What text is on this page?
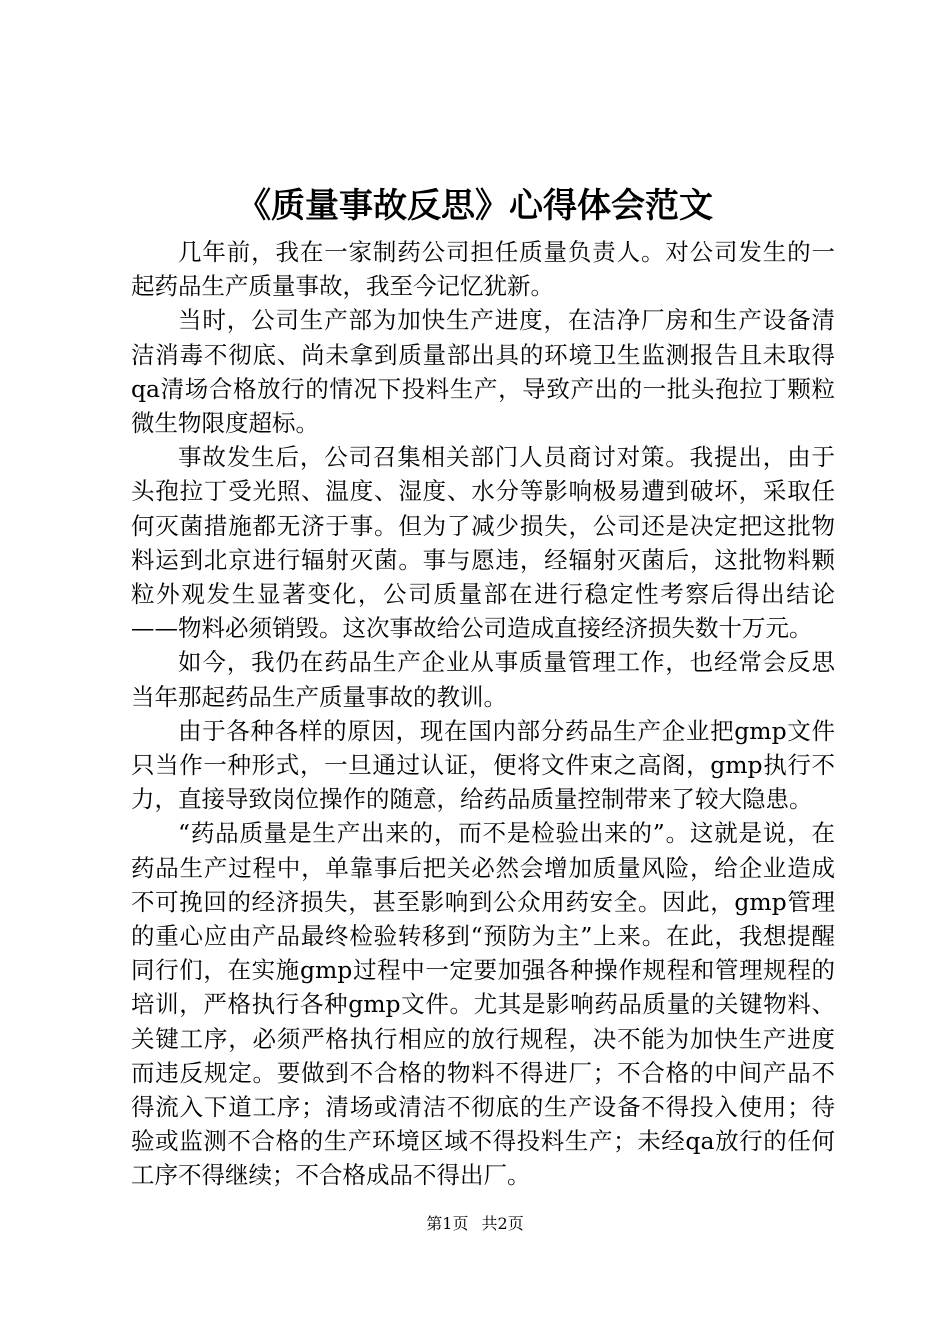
《质量事故反思》心得体会范文

几年前，我在一家制药公司担任质量负责人。对公司发生的一起药品生产质量事故，我至今记忆犹新。

当时，公司生产部为加快生产进度，在洁净厂房和生产设备清洁消毒不彻底、尚未拿到质量部出具的环境卫生监测报告且未取得qa清场合格放行的情况下投料生产，导致产出的一批头孢拉丁颗粒微生物限度超标。

事故发生后，公司召集相关部门人员商讨对策。我提出，由于头孢拉丁受光照、温度、湿度、水分等影响极易遭到破坏，采取任何灭菌措施都无济于事。但为了减少损失，公司还是决定把这批物料运到北京进行辐射灭菌。事与愿违，经辐射灭菌后，这批物料颗粒外观发生显著变化，公司质量部在进行稳定性考察后得出结论——物料必须销毁。这次事故给公司造成直接经济损失数十万元。

如今，我仍在药品生产企业从事质量管理工作，也经常会反思当年那起药品生产质量事故的教训。

由于各种各样的原因，现在国内部分药品生产企业把gmp文件只当作一种形式，一旦通过认证，便将文件束之高阁，gmp执行不力，直接导致岗位操作的随意，给药品质量控制带来了较大隐患。

“药品质量是生产出来的，而不是检验出来的”。这就是说，在药品生产过程中，单靠事后把关必然会增加质量风险，给企业造成不可挽回的经济损失，甚至影响到公众用药安全。因此，gmp管理的重心应由产品最终检验转移到“预防为主”上来。在此，我想提醒同行们，在实施gmp过程中一定要加强各种操作规程和管理规程的培训，严格执行各种gmp文件。尤其是影响药品质量的关键物料、关键工序，必须严格执行相应的放行规程，决不能为加快生产进度而违反规定。要做到不合格的物料不得进厂；不合格的中间产品不得流入下道工序；清场或清洁不彻底的生产设备不得投入使用；待验或监测不合格的生产环境区域不得投料生产；未经qa放行的任何工序不得继续；不合格成品不得出厂。

第1页 共2页
